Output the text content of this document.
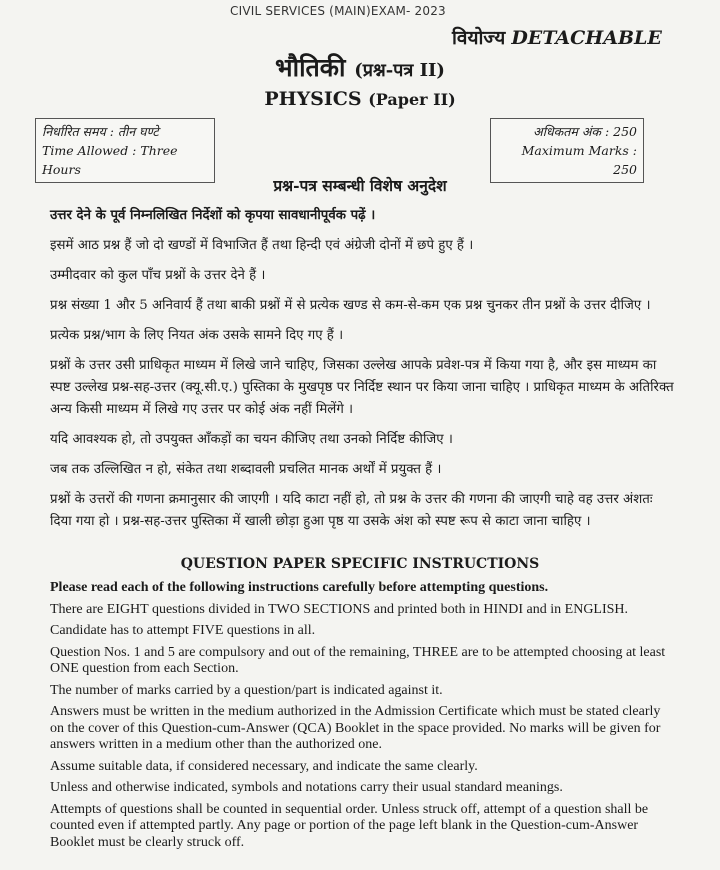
CIVIL SERVICES (MAIN)EXAM- 2023
वियोज्य DETACHABLE
भौतिकी (प्रश्न-पत्र II)
PHYSICS (Paper II)
निर्धारित समय : तीन घण्टे
Time Allowed : Three Hours
अधिकतम अंक : 250
Maximum Marks : 250
प्रश्न-पत्र सम्बन्धी विशेष अनुदेश

उत्तर देने के पूर्व निम्नलिखित निर्देशों को कृपया सावधानीपूर्वक पढ़ें ।

इसमें आठ प्रश्न हैं जो दो खण्डों में विभाजित हैं तथा हिन्दी एवं अंग्रेजी दोनों में छपे हुए हैं ।

उम्मीदवार को कुल पाँच प्रश्नों के उत्तर देने हैं ।

प्रश्न संख्या 1 और 5 अनिवार्य हैं तथा बाकी प्रश्नों में से प्रत्येक खण्ड से कम-से-कम एक प्रश्न चुनकर तीन प्रश्नों के उत्तर दीजिए ।

प्रत्येक प्रश्न/भाग के लिए नियत अंक उसके सामने दिए गए हैं ।

प्रश्नों के उत्तर उसी प्राधिकृत माध्यम में लिखे जाने चाहिए, जिसका उल्लेख आपके प्रवेश-पत्र में किया गया है, और इस माध्यम का स्पष्ट उल्लेख प्रश्न-सह-उत्तर (क्यू.सी.ए.) पुस्तिका के मुखपृष्ठ पर निर्दिष्ट स्थान पर किया जाना चाहिए । प्राधिकृत माध्यम के अतिरिक्त अन्य किसी माध्यम में लिखे गए उत्तर पर कोई अंक नहीं मिलेंगे ।

यदि आवश्यक हो, तो उपयुक्त आँकड़ों का चयन कीजिए तथा उनको निर्दिष्ट कीजिए ।

जब तक उल्लिखित न हो, संकेत तथा शब्दावली प्रचलित मानक अर्थों में प्रयुक्त हैं ।

प्रश्नों के उत्तरों की गणना क्रमानुसार की जाएगी । यदि काटा नहीं हो, तो प्रश्न के उत्तर की गणना की जाएगी चाहे वह उत्तर अंशतः दिया गया हो । प्रश्न-सह-उत्तर पुस्तिका में खाली छोड़ा हुआ पृष्ठ या उसके अंश को स्पष्ट रूप से काटा जाना चाहिए ।

QUESTION PAPER SPECIFIC INSTRUCTIONS

Please read each of the following instructions carefully before attempting questions.

There are EIGHT questions divided in TWO SECTIONS and printed both in HINDI and in ENGLISH.

Candidate has to attempt FIVE questions in all.

Question Nos. 1 and 5 are compulsory and out of the remaining, THREE are to be attempted choosing at least ONE question from each Section.

The number of marks carried by a question/part is indicated against it.

Answers must be written in the medium authorized in the Admission Certificate which must be stated clearly on the cover of this Question-cum-Answer (QCA) Booklet in the space provided. No marks will be given for answers written in a medium other than the authorized one.

Assume suitable data, if considered necessary, and indicate the same clearly.

Unless and otherwise indicated, symbols and notations carry their usual standard meanings.

Attempts of questions shall be counted in sequential order. Unless struck off, attempt of a question shall be counted even if attempted partly. Any page or portion of the page left blank in the Question-cum-Answer Booklet must be clearly struck off.
